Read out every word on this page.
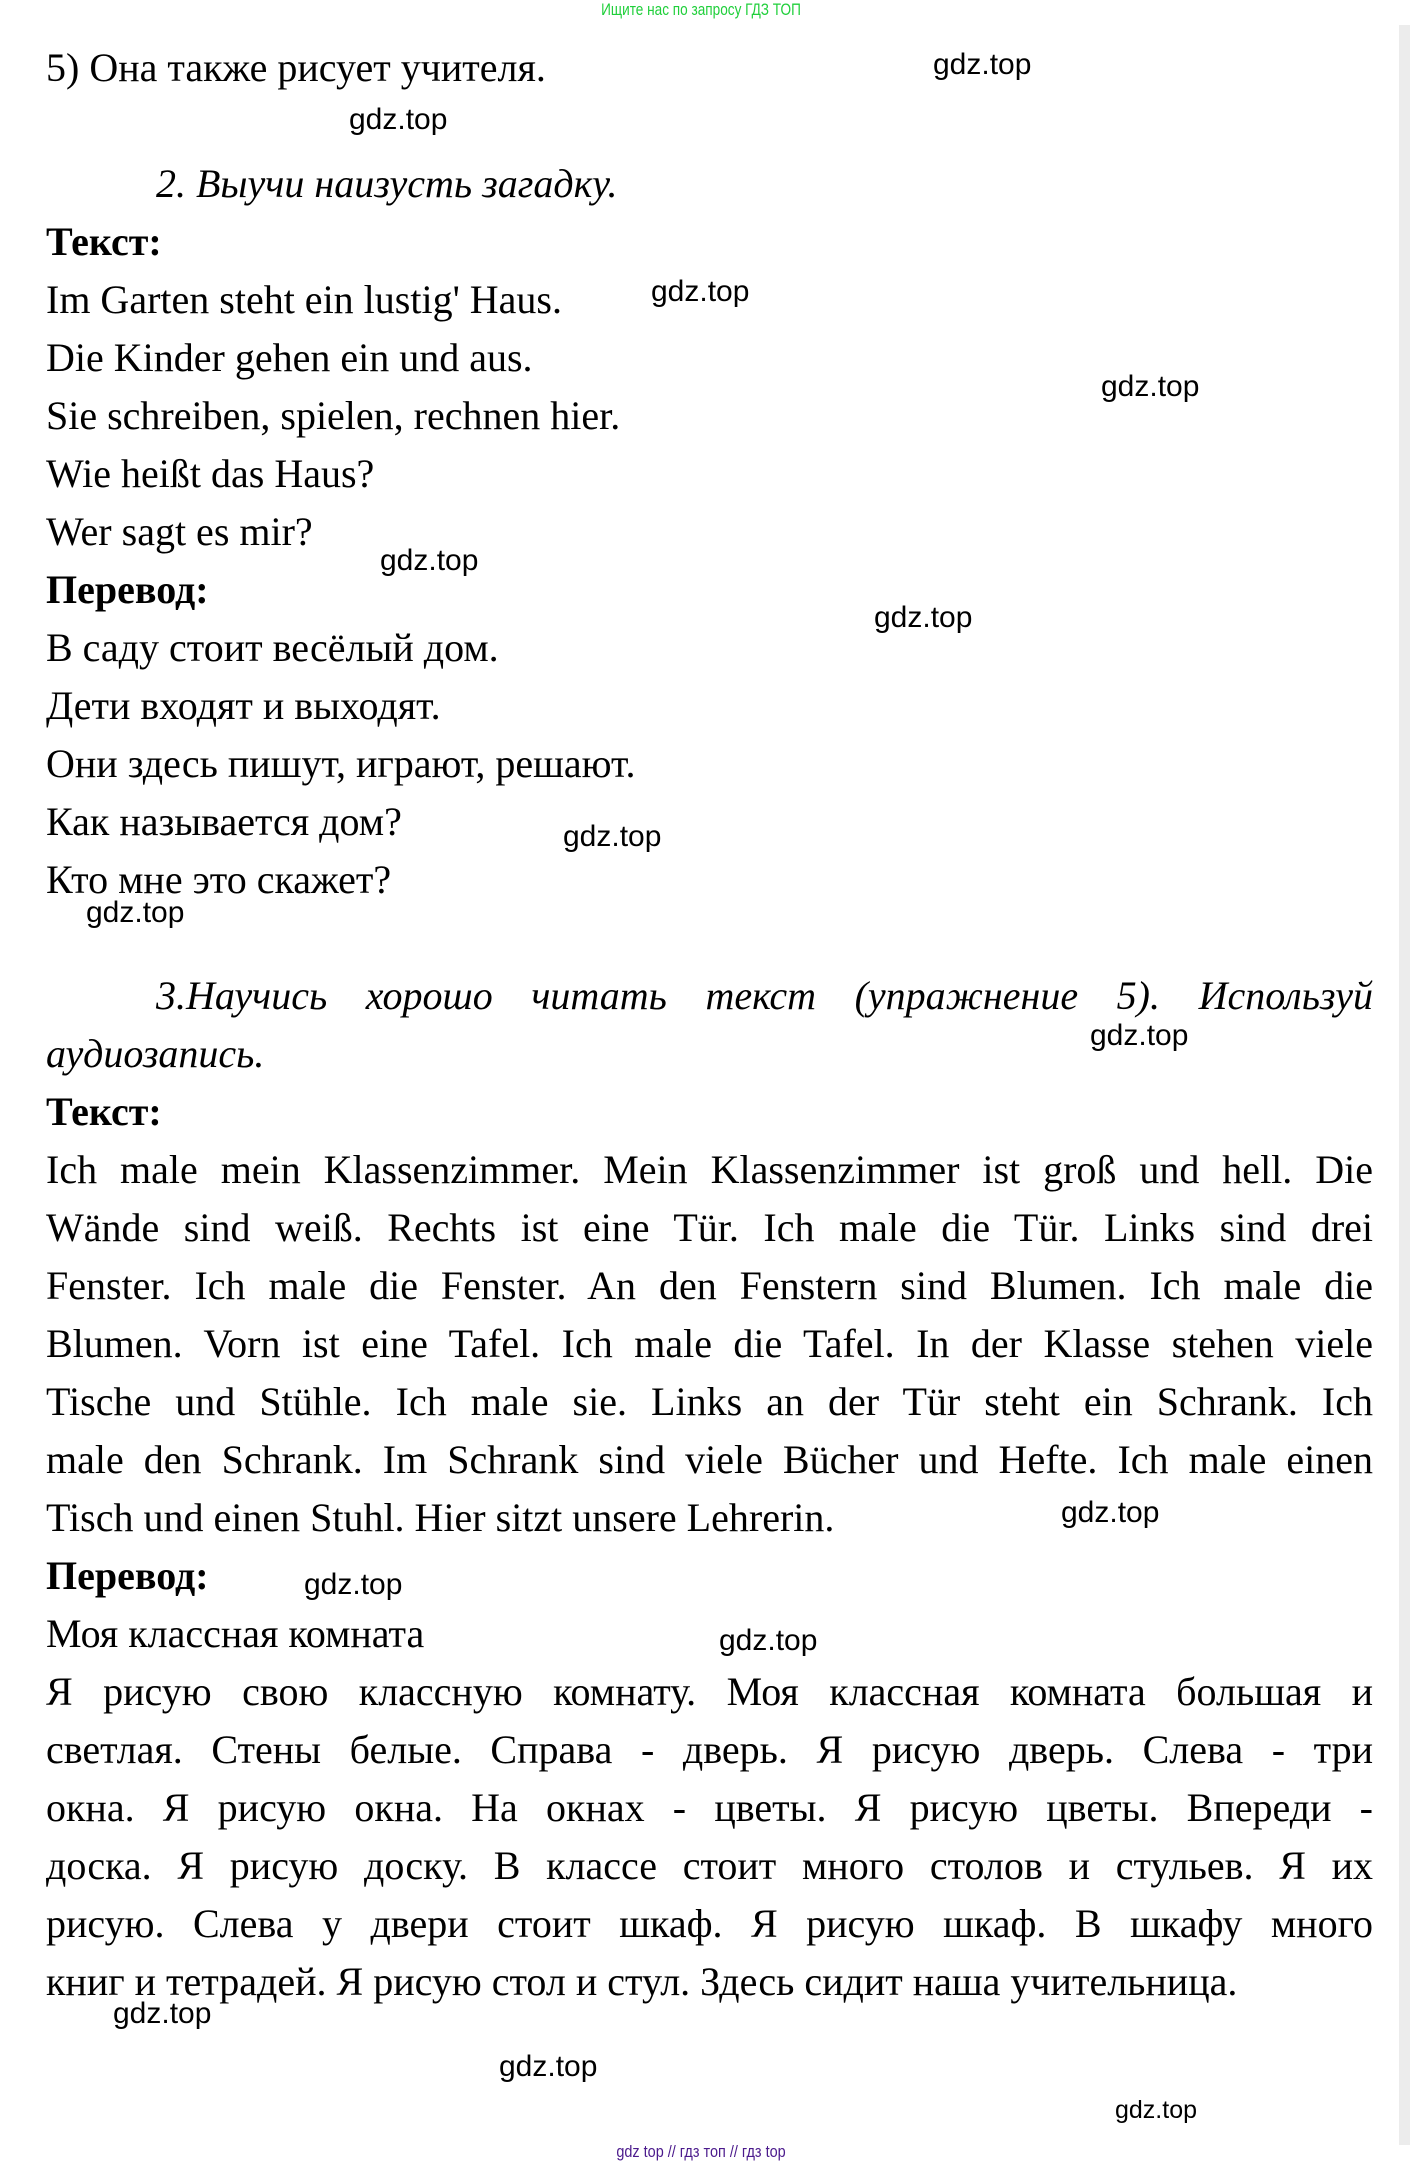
Ищите нас по запросу ГДЗ ТОП
5) Она также рисует учителя.
2. Выучи наизусть загадку.
Текст:
Im Garten steht ein lustig' Haus.
Die Kinder gehen ein und aus.
Sie schreiben, spielen, rechnen hier.
Wie heißt das Haus?
Wer sagt es mir?
Перевод:
В саду стоит весёлый дом.
Дети входят и выходят.
Они здесь пишут, играют, решают.
Как называется дом?
Кто мне это скажет?
3.Научись хорошо читать текст (упражнение 5). Используй
аудиозапись.
Текст:
Ich male mein Klassenzimmer. Mein Klassenzimmer ist groß und hell. Die
Wände sind weiß. Rechts ist eine Tür. Ich male die Tür. Links sind drei
Fenster. Ich male die Fenster. An den Fenstern sind Blumen. Ich male die
Blumen. Vorn ist eine Tafel. Ich male die Tafel. In der Klasse stehen viele
Tische und Stühle. Ich male sie. Links an der Tür steht ein Schrank. Ich
male den Schrank. Im Schrank sind viele Bücher und Hefte. Ich male einen
Tisch und einen Stuhl. Hier sitzt unsere Lehrerin.
Перевод:
Моя классная комната
Я рисую свою классную комнату. Моя классная комната большая и
светлая. Стены белые. Справа - дверь. Я рисую дверь. Слева - три
окна. Я рисую окна. На окнах - цветы. Я рисую цветы. Впереди -
доска. Я рисую доску. В классе стоит много столов и стульев. Я их
рисую. Слева у двери стоит шкаф. Я рисую шкаф. В шкафу много
книг и тетрадей. Я рисую стол и стул. Здесь сидит наша учительница.
gdz.top
gdz.top
gdz.top
gdz.top
gdz.top
gdz.top
gdz.top
gdz.top
gdz.top
gdz.top
gdz.top
gdz.top
gdz.top
gdz.top
gdz.top
gdz top // гдз топ // гдз top
